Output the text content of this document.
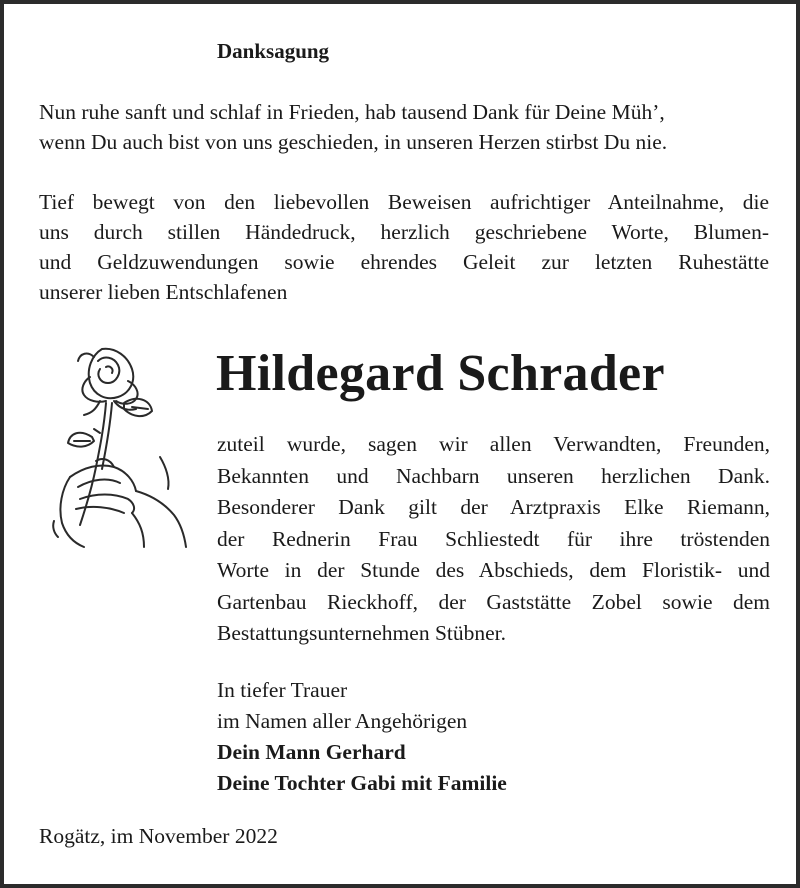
Danksagung
Nun ruhe sanft und schlaf in Frieden, hab tausend Dank für Deine Müh’,
wenn Du auch bist von uns geschieden, in unseren Herzen stirbst Du nie.
Tief bewegt von den liebevollen Beweisen aufrichtiger Anteilnahme, die
uns durch stillen Händedruck, herzlich geschriebene Worte, Blumen-
und Geldzuwendungen sowie ehrendes Geleit zur letzten Ruhestätte
unserer lieben Entschlafenen
Hildegard Schrader
zuteil wurde, sagen wir allen Verwandten, Freunden,
Bekannten und Nachbarn unseren herzlichen Dank.
Besonderer Dank gilt der Arztpraxis Elke Riemann,
der Rednerin Frau Schliestedt für ihre tröstenden
Worte in der Stunde des Abschieds, dem Floristik- und
Gartenbau Rieckhoff, der Gaststätte Zobel sowie dem
Bestattungsunternehmen Stübner.
In tiefer Trauer
im Namen aller Angehörigen
Dein Mann Gerhard
Deine Tochter Gabi mit Familie
Rogätz, im November 2022
